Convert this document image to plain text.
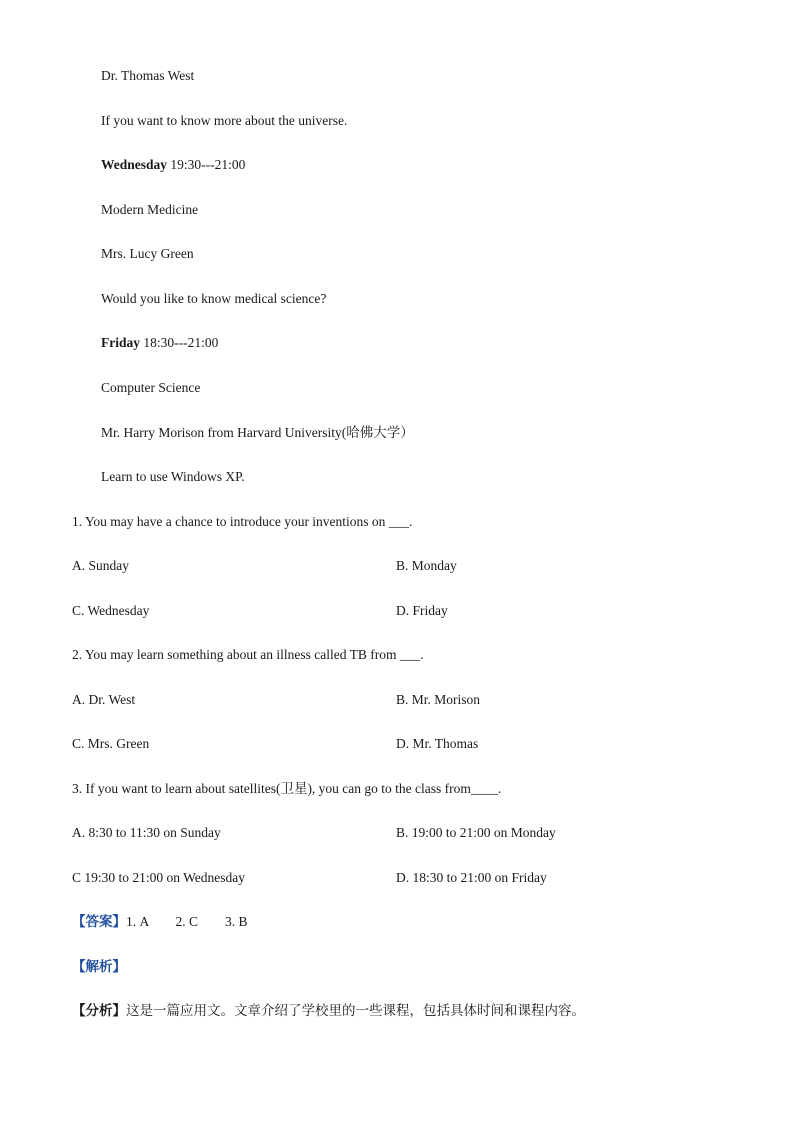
Dr. Thomas West
If you want to know more about the universe.
Wednesday 19:30---21:00
Modern Medicine
Mrs. Lucy Green
Would you like to know medical science?
Friday 18:30---21:00
Computer Science
Mr. Harry Morison from Harvard University(哈佛大学）
Learn to use Windows XP.
1. You may have a chance to introduce your inventions on ___.
A. Sunday	B. Monday
C. Wednesday	D. Friday
2. You may learn something about an illness called TB from ___.
A. Dr. West	B. Mr. Morison
C. Mrs. Green	D. Mr. Thomas
3. If you want to learn about satellites(卫星), you can go to the class from____.
A. 8:30 to 11:30 on Sunday	B. 19:00 to 21:00 on Monday
C 19:30 to 21:00 on Wednesday	D. 18:30 to 21:00 on Friday
【答案】1. A        2. C        3. B
【解析】
【分析】这是一篇应用文。文章介绍了学校里的一些课程，包括具体时间和课程内容。
